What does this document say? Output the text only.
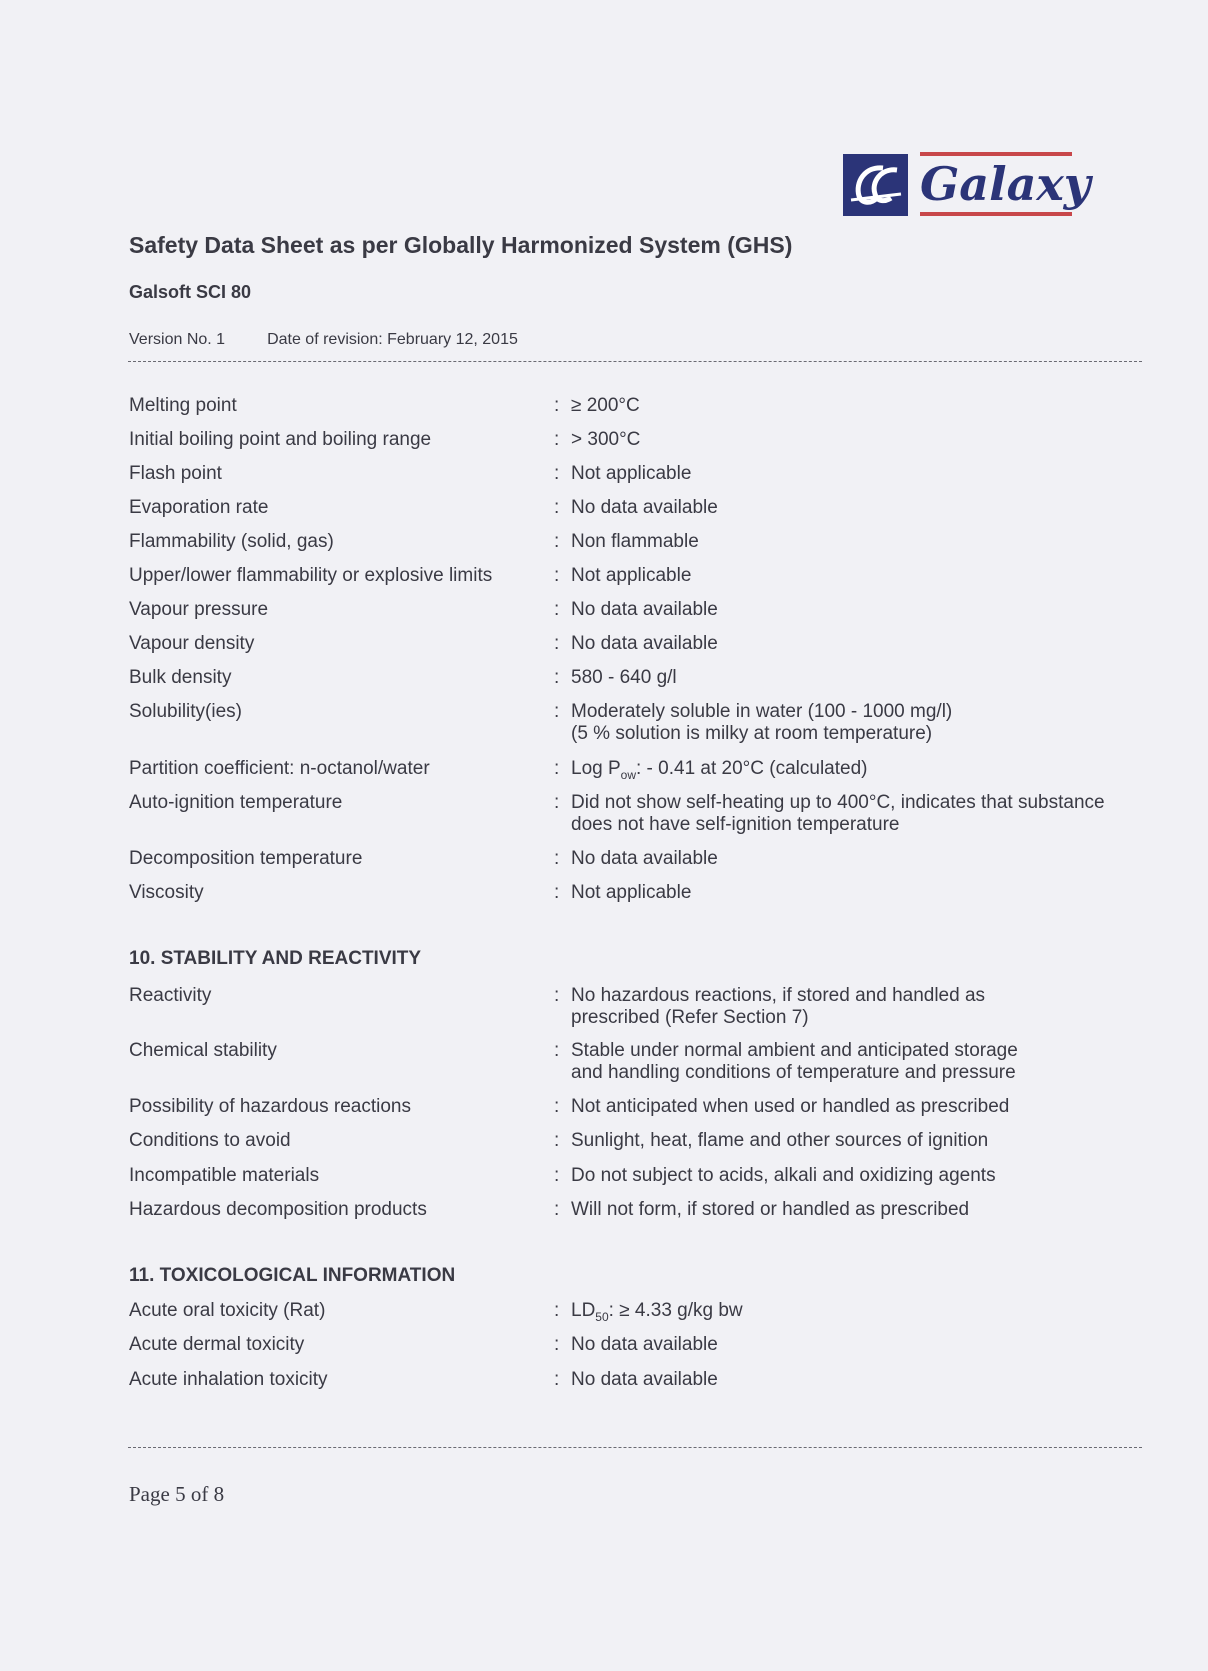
Galaxy
Safety Data Sheet as per Globally Harmonized System (GHS)
Galsoft SCI 80
Version No. 1	Date of revision: February 12, 2015
Melting point	: ≥ 200°C
Initial boiling point and boiling range	: > 300°C
Flash point	: Not applicable
Evaporation rate	: No data available
Flammability (solid, gas)	: Non flammable
Upper/lower flammability or explosive limits	: Not applicable
Vapour pressure	: No data available
Vapour density	: No data available
Bulk density	: 580 - 640 g/l
Solubility(ies)	: Moderately soluble in water (100 - 1000 mg/l)
(5 % solution is milky at room temperature)
Partition coefficient: n-octanol/water	: Log $P_{ow}$: - 0.41 at 20°C (calculated)
Auto-ignition temperature	: Did not show self-heating up to 400°C, indicates that substance
does not have self-ignition temperature
Decomposition temperature	: No data available
Viscosity	: Not applicable
10. STABILITY AND REACTIVITY
Reactivity	: No hazardous reactions, if stored and handled as
prescribed (Refer Section 7)
Chemical stability	: Stable under normal ambient and anticipated storage
and handling conditions of temperature and pressure
Possibility of hazardous reactions	: Not anticipated when used or handled as prescribed
Conditions to avoid	: Sunlight, heat, flame and other sources of ignition
Incompatible materials	: Do not subject to acids, alkali and oxidizing agents
Hazardous decomposition products	: Will not form, if stored or handled as prescribed
11. TOXICOLOGICAL INFORMATION
Acute oral toxicity (Rat)	: $LD_{50}$: ≥ 4.33 g/kg bw
Acute dermal toxicity	: No data available
Acute inhalation toxicity	: No data available
Page 5 of 8
